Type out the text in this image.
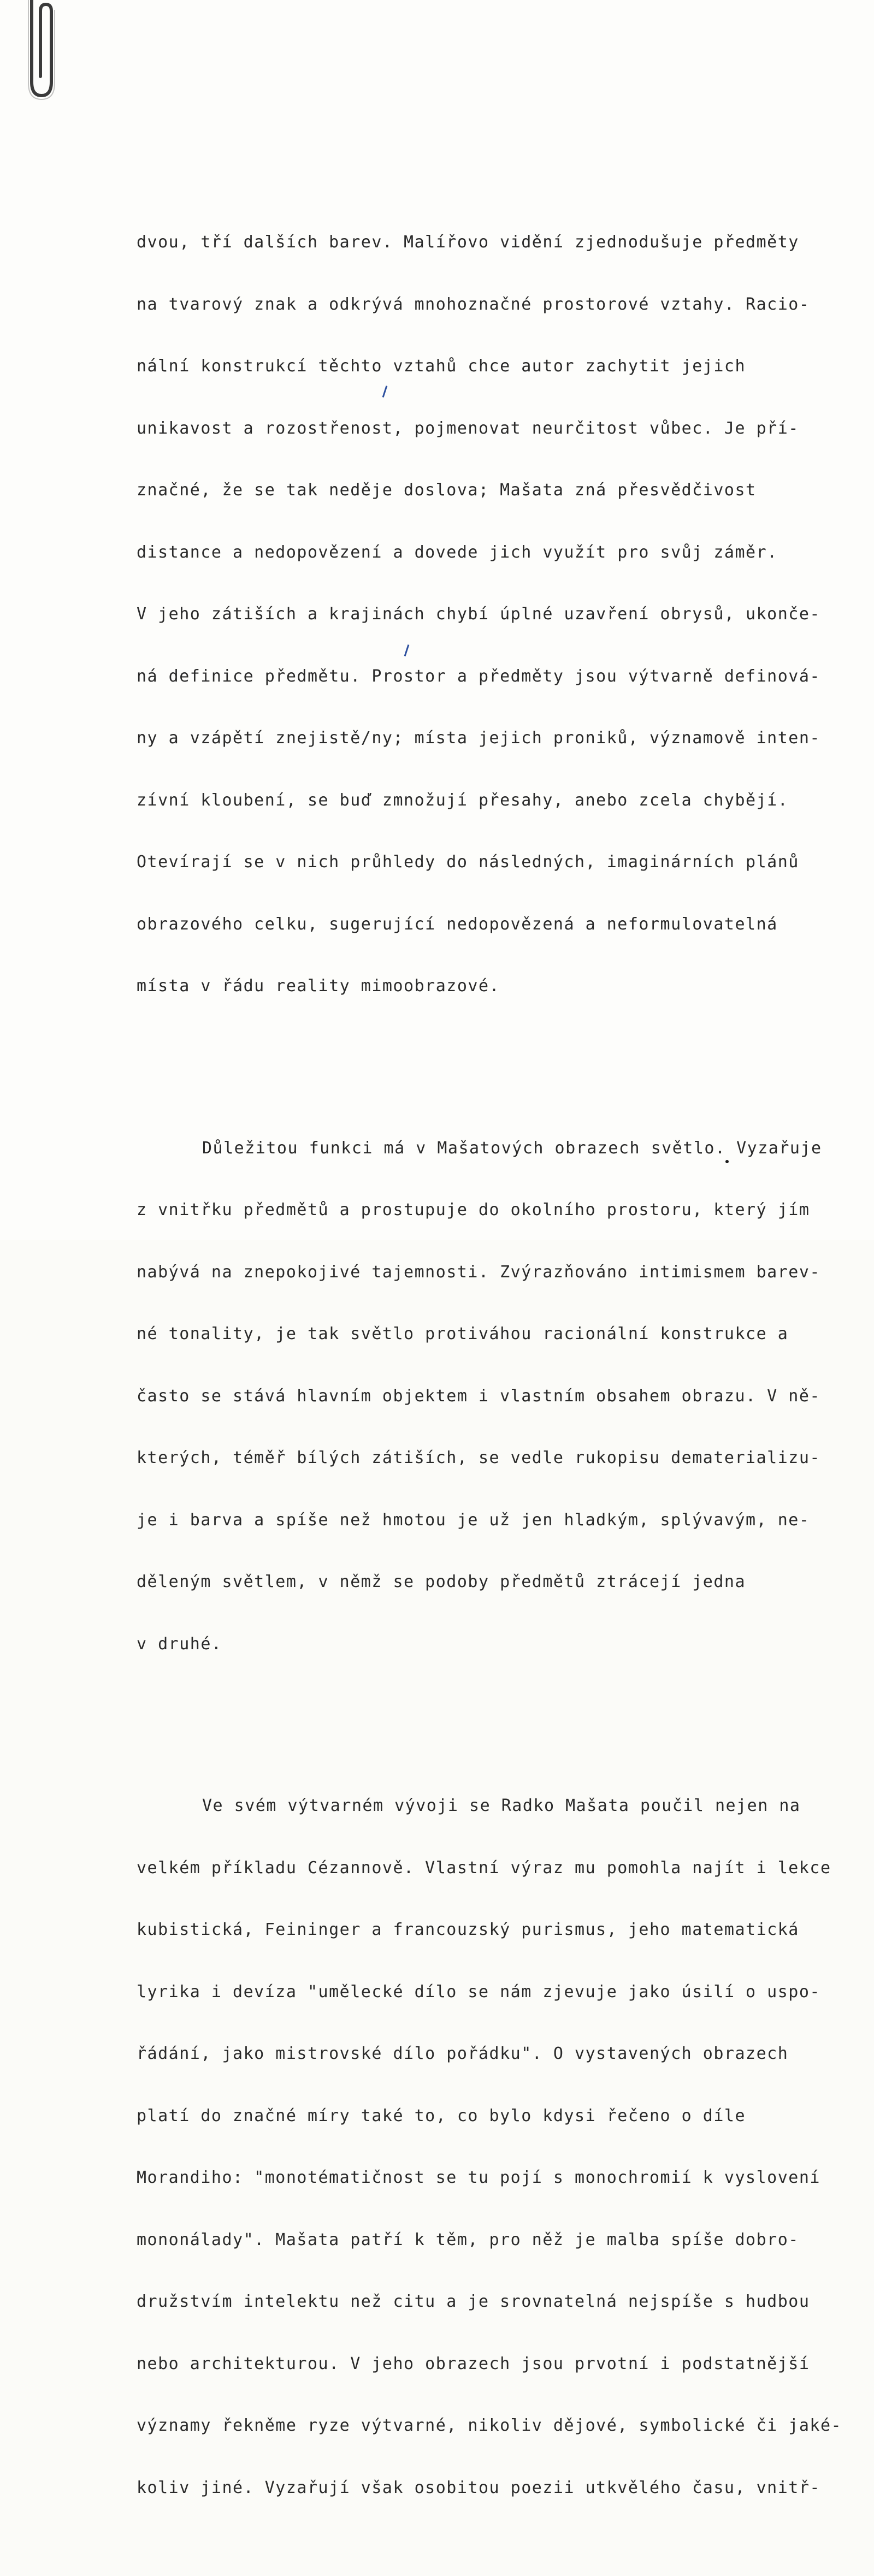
dvou, tří dalších barev. Malířovo vidění zjednodušuje předměty

na tvarový znak a odkrývá mnohoznačné prostorové vztahy. Racio-

nální konstrukcí těchto vztahů chce autor zachytit jejich

unikavost a rozostřenost, pojmenovat neurčitost vůbec. Je pří-

značné, že se tak neděje doslova; Mašata zná přesvědčivost

distance a nedopovězení a dovede jich využít pro svůj záměr.

V jeho zátiších a krajinách chybí úplné uzavření obrysů, ukonče-

ná definice předmětu. Prostor a předměty jsou výtvarně definová-

ny a vzápětí znejistě/ny; místa jejich proniků, významově inten-

zívní kloubení, se buď zmnožují přesahy, anebo zcela chybějí.

Otevírají se v nich průhledy do následných, imaginárních plánů

obrazového celku, sugerující nedopovězená a neformulovatelná

místa v řádu reality mimoobrazové.

Důležitou funkci má v Mašatových obrazech světlo. Vyzařuje

z vnitřku předmětů a prostupuje do okolního prostoru, který jím

nabývá na znepokojivé tajemnosti. Zvýrazňováno intimismem barev-

né tonality, je tak světlo protiváhou racionální konstrukce a

často se stává hlavním objektem i vlastním obsahem obrazu. V ně-

kterých, téměř bílých zátiších, se vedle rukopisu dematerializu-

je i barva a spíše než hmotou je už jen hladkým, splývavým, ne-

děleným světlem, v němž se podoby předmětů ztrácejí jedna

v druhé.

Ve svém výtvarném vývoji se Radko Mašata poučil nejen na

velkém příkladu Cézannově. Vlastní výraz mu pomohla najít i lekce

kubistická, Feininger a francouzský purismus, jeho matematická

lyrika i devíza "umělecké dílo se nám zjevuje jako úsilí o uspo-

řádání, jako mistrovské dílo pořádku". O vystavených obrazech

platí do značné míry také to, co bylo kdysi řečeno o díle

Morandiho: "monotématičnost se tu pojí s monochromií k vyslovení

mononálady". Mašata patří k těm, pro něž je malba spíše dobro-

družstvím intelektu než citu a je srovnatelná nejspíše s hudbou

nebo architekturou. V jeho obrazech jsou prvotní i podstatnější

významy řekněme ryze výtvarné, nikoliv dějové, symbolické či jaké-

koliv jiné. Vyzařují však osobitou poezii utkvělého času, vnitř-
